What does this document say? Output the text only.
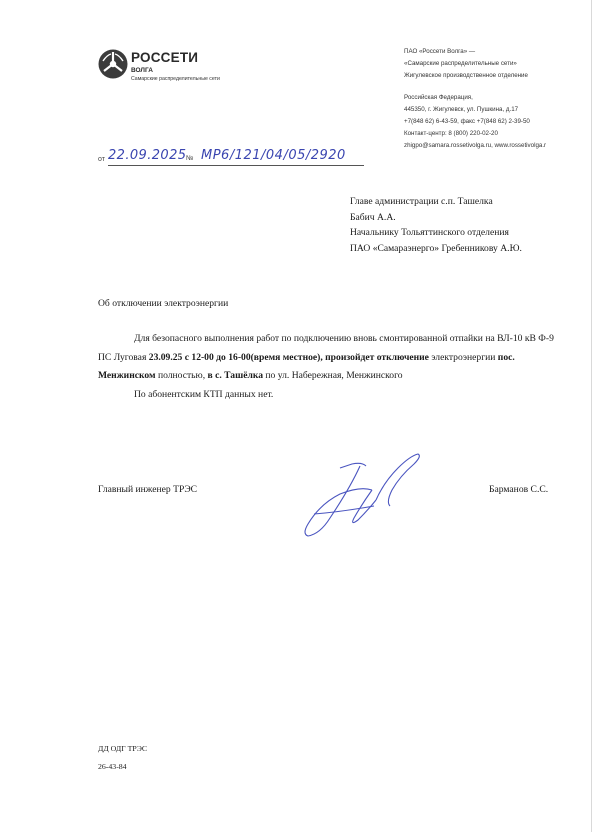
РОССЕТИ
ВОЛГА
Самарские распределительные сети
ПАО «Россети Волга» —
«Самарские распределительные сети»
Жигулевское производственное отделение
Российская Федерация,
445350, г. Жигулевск, ул. Пушкина, д.17
+7(848 62) 6-43-59, факс +7(848 62) 2-39-50
Контакт-центр: 8 (800) 220-02-20
zhigpo@samara.rossetivolga.ru, www.rossetivolga.r
от 22.09.2025 № МР6/121/04/05/2920
Главе администрации с.п. Ташелка
Бабич А.А.
Начальнику Тольяттинского отделения
ПАО «Самараэнерго» Гребенникову А.Ю.
Об отключении электроэнергии

Для безопасного выполнения работ по подключению вновь смонтированной отпайки на ВЛ-10 кВ Ф-9 ПС Луговая 23.09.25 с 12-00 до 16-00(время местное), произойдет отключение электроэнергии пос. Менжинском полностью, в с. Ташёлка по ул. Набережная, Менжинского

По абонентским КТП данных нет.

Главный инженер ТРЭС	Барманов С.С.
ДД ОДГ ТРЭС
26-43-84
